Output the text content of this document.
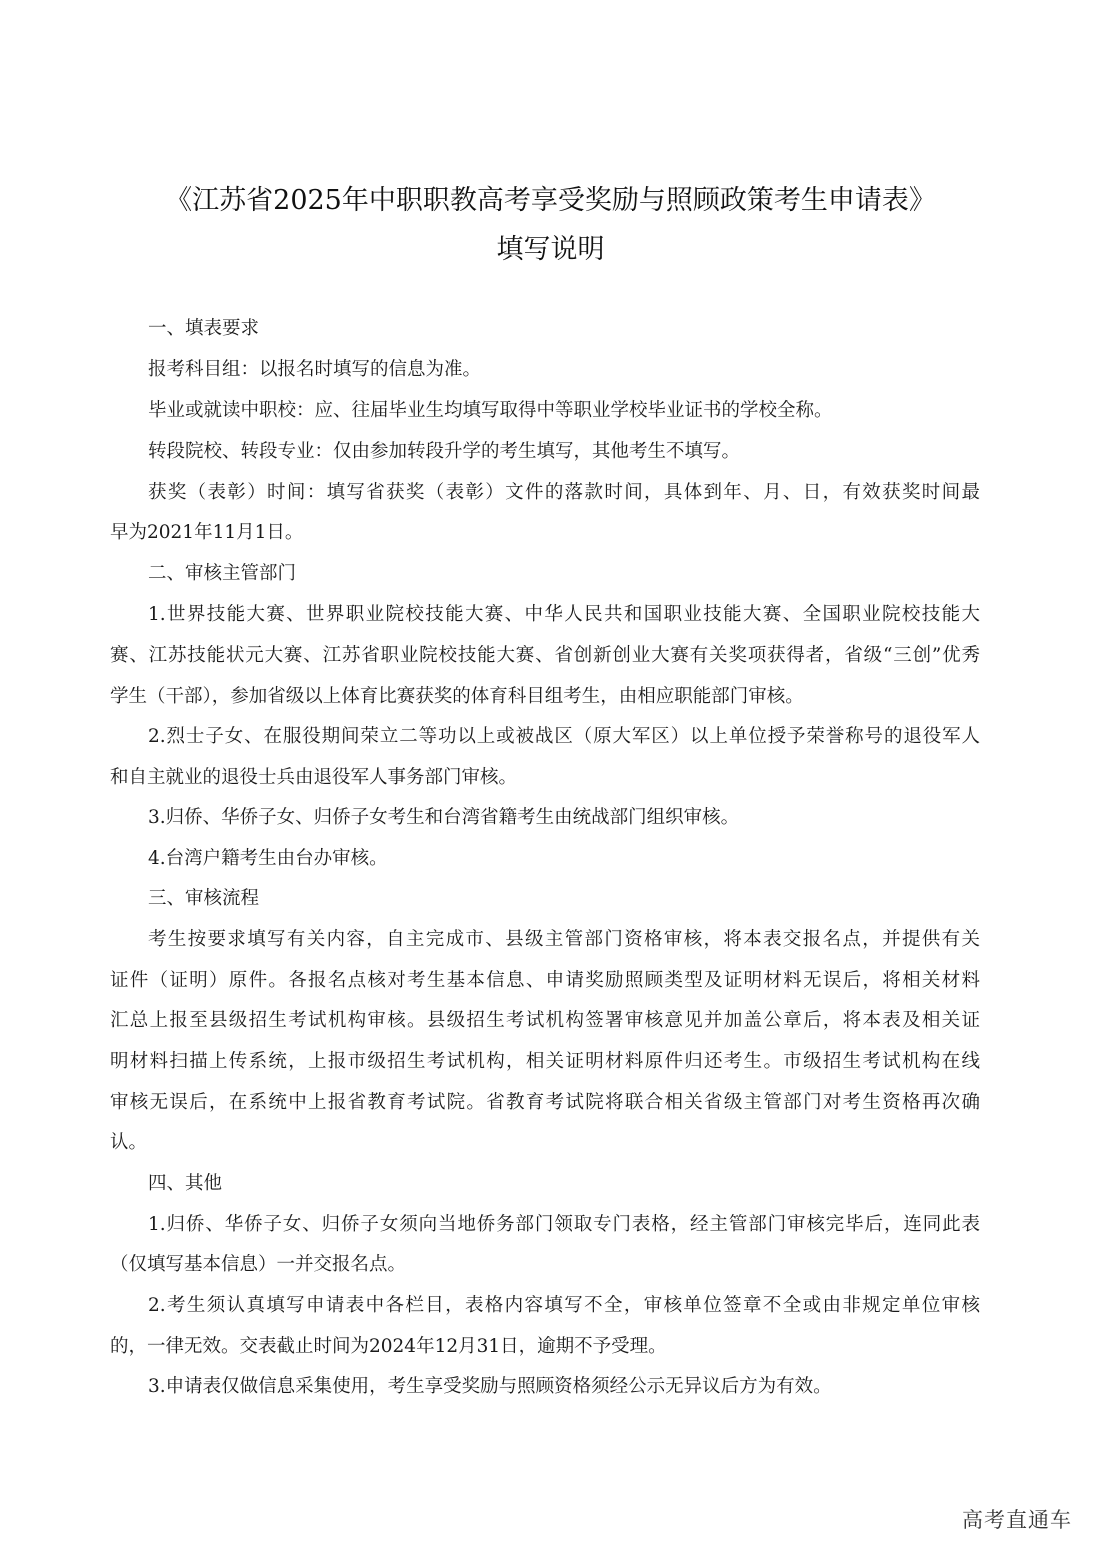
《江苏省2025年中职职教高考享受奖励与照顾政策考生申请表》
填写说明
一、填表要求
报考科目组：以报名时填写的信息为准。
毕业或就读中职校：应、往届毕业生均填写取得中等职业学校毕业证书的学校全称。
转段院校、转段专业：仅由参加转段升学的考生填写，其他考生不填写。
获奖（表彰）时间：填写省获奖（表彰）文件的落款时间，具体到年、月、日，有效获奖时间最
早为2021年11月1日。
二、审核主管部门
1.世界技能大赛、世界职业院校技能大赛、中华人民共和国职业技能大赛、全国职业院校技能大
赛、江苏技能状元大赛、江苏省职业院校技能大赛、省创新创业大赛有关奖项获得者，省级“三创”优秀
学生（干部），参加省级以上体育比赛获奖的体育科目组考生，由相应职能部门审核。
2.烈士子女、在服役期间荣立二等功以上或被战区（原大军区）以上单位授予荣誉称号的退役军人
和自主就业的退役士兵由退役军人事务部门审核。
3.归侨、华侨子女、归侨子女考生和台湾省籍考生由统战部门组织审核。
4.台湾户籍考生由台办审核。
三、审核流程
考生按要求填写有关内容，自主完成市、县级主管部门资格审核，将本表交报名点，并提供有关
证件（证明）原件。各报名点核对考生基本信息、申请奖励照顾类型及证明材料无误后，将相关材料
汇总上报至县级招生考试机构审核。县级招生考试机构签署审核意见并加盖公章后，将本表及相关证
明材料扫描上传系统，上报市级招生考试机构，相关证明材料原件归还考生。市级招生考试机构在线
审核无误后，在系统中上报省教育考试院。省教育考试院将联合相关省级主管部门对考生资格再次确
认。
四、其他
1.归侨、华侨子女、归侨子女须向当地侨务部门领取专门表格，经主管部门审核完毕后，连同此表
（仅填写基本信息）一并交报名点。
2.考生须认真填写申请表中各栏目，表格内容填写不全，审核单位签章不全或由非规定单位审核
的，一律无效。交表截止时间为2024年12月31日，逾期不予受理。
3.申请表仅做信息采集使用，考生享受奖励与照顾资格须经公示无异议后方为有效。
高考直通车
